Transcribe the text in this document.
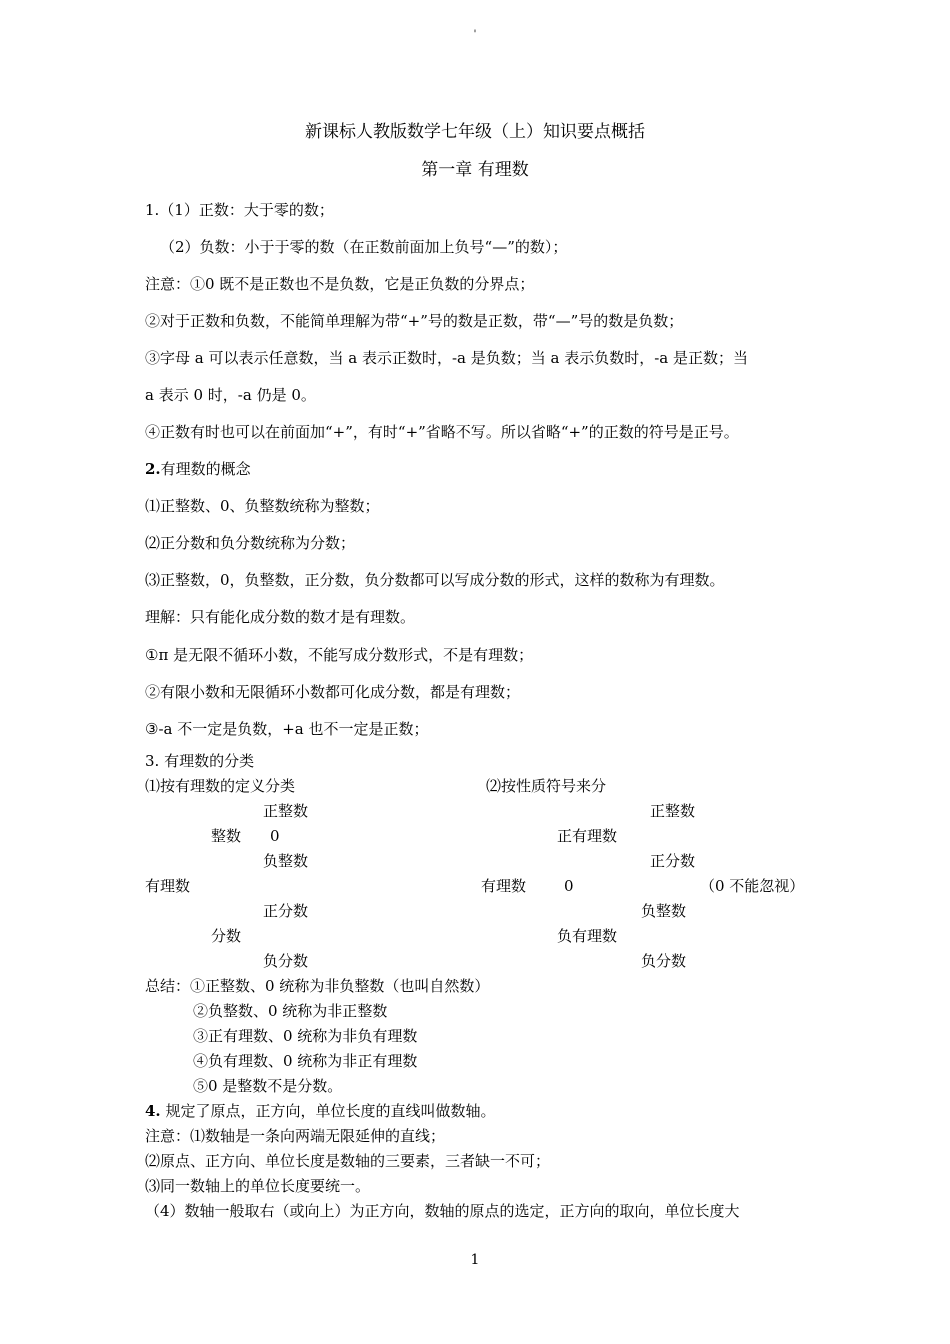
'
新课标人教版数学七年级（上）知识要点概括
第一章 有理数
1.（1）正数：大于零的数；
（2）负数：小于于零的数（在正数前面加上负号“—”的数）；
注意：①0 既不是正数也不是负数，它是正负数的分界点；
②对于正数和负数，不能简单理解为带“+”号的数是正数，带“—”号的数是负数；
③字母 a 可以表示任意数，当 a 表示正数时，-a 是负数；当 a 表示负数时，-a 是正数；当
a 表示 0 时，-a 仍是 0。
④正数有时也可以在前面加“+”，有时“+”省略不写。所以省略“+”的正数的符号是正号。
2.有理数的概念
⑴正整数、0、负整数统称为整数；
⑵正分数和负分数统称为分数；
⑶正整数，0，负整数，正分数，负分数都可以写成分数的形式，这样的数称为有理数。
理解：只有能化成分数的数才是有理数。
①π 是无限不循环小数，不能写成分数形式，不是有理数；
②有限小数和无限循环小数都可化成分数，都是有理数；
③-a 不一定是负数，+a 也不一定是正数；
3. 有理数的分类
⑴按有理数的定义分类	⑵按性质符号来分
正整数
整数 0
负整数
有理数
正分数
分数
负分数
正整数
正有理数
正分数
有理数	0	（0 不能忽视）
负整数
负有理数
负分数
总结：①正整数、0 统称为非负整数（也叫自然数）
②负整数、0 统称为非正整数
③正有理数、0 统称为非负有理数
④负有理数、0 统称为非正有理数
⑤0 是整数不是分数。
4. 规定了原点，正方向，单位长度的直线叫做数轴。
注意：⑴数轴是一条向两端无限延伸的直线；
⑵原点、正方向、单位长度是数轴的三要素，三者缺一不可；
⑶同一数轴上的单位长度要统一。
（4）数轴一般取右（或向上）为正方向，数轴的原点的选定，正方向的取向，单位长度大
1
